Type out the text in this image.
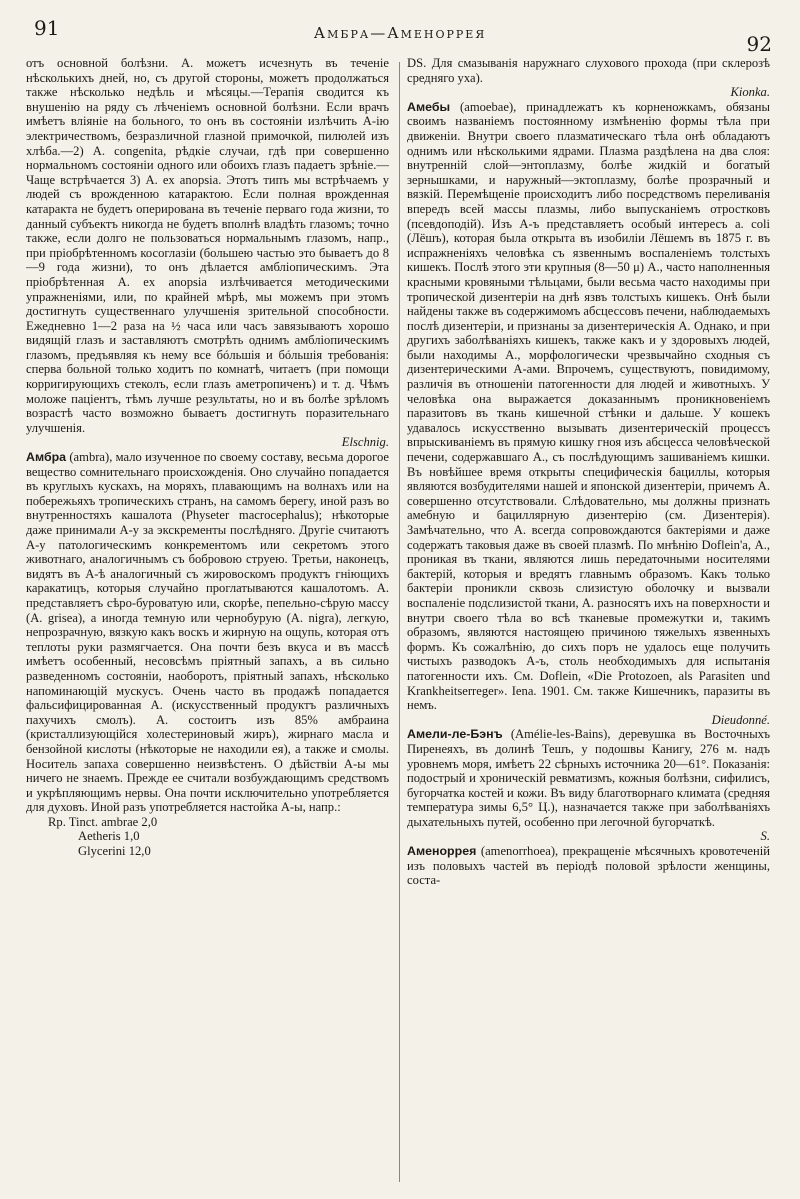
91	Амбра—Аменоррея	92

отъ основной болѣзни. А. можетъ исчезнуть въ теченіе нѣсколькихъ дней, но, съ другой стороны, можетъ продолжаться также нѣсколько недѣль и мѣсяцы.—Терапія сводится къ внушенію на ряду съ лѣченіемъ основной болѣзни. Если врачъ имѣетъ вліяніе на больного, то онъ въ состояніи излѣчить А-ію электричествомъ, безразличной глазной примочкой, пилюлей изъ хлѣба.—2) A. congenita, рѣдкіе случаи, гдѣ при совершенно нормальномъ состояніи одного или обоихъ глазъ падаетъ зрѣніе.—Чаще встрѣчается 3) A. ex anopsia. Этотъ типъ мы встрѣчаемъ у людей съ врожденною катарактою. Если полная врожденная катаракта не будетъ оперирована въ теченіе перваго года жизни, то данный субъектъ никогда не будетъ вполнѣ владѣть глазомъ; точно также, если долго не пользоваться нормальнымъ глазомъ, напр., при пріобрѣтенномъ косоглазіи (большею частью это бываетъ до 8—9 года жизни), то онъ дѣлается амбліопическимъ. Эта пріобрѣтенная А. ex anopsia излѣчивается методическими упражненіями, или, по крайней мѣрѣ, мы можемъ при этомъ достигнуть существеннаго улучшенія зрительной способности. Ежедневно 1—2 раза на ½ часа или часъ завязываютъ хорошо видящій глазъ и заставляютъ смотрѣть однимъ амбліопическимъ глазомъ, предъявляя къ нему все бóльшія и бóльшія требованія: сперва больной только ходитъ по комнатѣ, читаетъ (при помощи корригирующихъ стеколъ, если глазъ аметропиченъ) и т. д. Чѣмъ моложе паціентъ, тѣмъ лучше результаты, но и въ болѣе зрѣломъ возрастѣ часто возможно бываетъ достигнуть поразительнаго улучшенія.

Elschnig.

Амбра (ambra), мало изученное по своему составу, весьма дорогое вещество сомнительнаго происхожденія. Оно случайно попадается въ круглыхъ кускахъ, на моряхъ, плавающимъ на волнахъ или на побережьяхъ тропическихъ странъ, на самомъ берегу, иной разъ во внутренностяхъ кашалота (Physeter macrocephalus); нѣкоторые даже принимали А-у за экскременты послѣдняго. Другіе считаютъ А-у патологическимъ конкрементомъ или секретомъ этого животнаго, аналогичнымъ съ бобровою струею. Третьи, наконецъ, видятъ въ А-ѣ аналогичный съ жировоскомъ продуктъ гніющихъ каракатицъ, которыя случайно проглатываются кашалотомъ. А. представляетъ сѣро-буроватую или, скорѣе, пепельно-сѣрую массу (А. grisea), а иногда темную или чернобурую (А. nigra), легкую, непрозрачную, вязкую какъ воскъ и жирную на ощупь, которая отъ теплоты руки размягчается. Она почти безъ вкуса и въ массѣ имѣетъ особенный, несовсѣмъ пріятный запахъ, а въ сильно разведенномъ состояніи, наоборотъ, пріятный запахъ, нѣсколько напоминающій мускусъ. Очень часто въ продажѣ попадается фальсифицированная А. (искусственный продуктъ различныхъ пахучихъ смолъ). А. состоитъ изъ 85% амбраина (кристаллизующійся холестериновый жиръ), жирнаго масла и бензойной кислоты (нѣкоторые не находили ея), а также и смолы. Носитель запаха совершенно неизвѣстенъ. О дѣйствіи А-ы мы ничего не знаемъ. Прежде ее считали возбуждающимъ средствомъ и укрѣпляющимъ нервы. Она почти исключительно употребляется для духовъ. Иной разъ употребляется настойка А-ы, напр.:

Rp. Tinct. ambrae 2,0
Aetheris 1,0
Glycerini 12,0

DS. Для смазыванія наружнаго слухового прохода (при склерозѣ средняго уха).

Kionka.

Амебы (amoebae), принадлежатъ къ корненожкамъ, обязаны своимъ названіемъ постоянному измѣненію формы тѣла при движеніи. Внутри своего плазматическаго тѣла онѣ обладаютъ однимъ или нѣсколькими ядрами. Плазма раздѣлена на два слоя: внутренній слой—энтоплазму, болѣе жидкій и богатый зернышками, и наружный—эктоплазму, болѣе прозрачный и вязкій. Перемѣщеніе происходитъ либо посредствомъ переливанія впередъ всей массы плазмы, либо выпусканіемъ отростковъ (псевдоподій). Изъ А-ъ представляетъ особый интересъ a. coli (Лёшъ), которая была открыта въ изобиліи Лёшемъ въ 1875 г. въ испражненіяхъ человѣка съ язвеннымъ воспаленіемъ толстыхъ кишекъ. Послѣ этого эти крупныя (8—50 μ) А., часто наполненныя красными кровяными тѣльцами, были весьма часто находимы при тропической дизентеріи на днѣ язвъ толстыхъ кишекъ. Онѣ были найдены также въ содержимомъ абсцессовъ печени, наблюдаемыхъ послѣ дизентеріи, и признаны за дизентерическія А. Однако, и при другихъ заболѣваніяхъ кишекъ, также какъ и у здоровыхъ людей, были находимы А., морфологически чрезвычайно сходныя съ дизентерическими А-ами. Впрочемъ, существуютъ, повидимому, различія въ отношеніи патогенности для людей и животныхъ. У человѣка она выражается доказаннымъ проникновеніемъ паразитовъ въ ткань кишечной стѣнки и дальше. У кошекъ удавалось искусственно вызывать дизентерическій процессъ впрыскиваніемъ въ прямую кишку гноя изъ абсцесса человѣческой печени, содержавшаго А., съ послѣдующимъ зашиваніемъ кишки. Въ новѣйшее время открыты специфическія бациллы, которыя являются возбудителями нашей и японской дизентеріи, причемъ А. совершенно отсутствовали. Слѣдовательно, мы должны признать амебную и бациллярную дизентерію (см. Дизентерія). Замѣчательно, что А. всегда сопровождаются бактеріями и даже содержатъ таковыя даже въ своей плазмѣ. По мнѣнію Doflein'a, А., проникая въ ткани, являются лишь передаточными носителями бактерій, которыя и вредятъ главнымъ образомъ. Какъ только бактеріи проникли сквозь слизистую оболочку и вызвали воспаленіе подслизистой ткани, А. разносятъ ихъ на поверхности и внутри своего тѣла во всѣ тканевые промежутки и, такимъ образомъ, являются настоящею причиною тяжелыхъ язвенныхъ формъ. Къ сожалѣнію, до сихъ поръ не удалось еще получить чистыхъ разводокъ А-ъ, столь необходимыхъ для испытанія патогенности ихъ. См. Doflein, «Die Protozoen, als Parasiten und Krankheitserreger». Iena. 1901. См. также Кишечникъ, паразиты въ немъ.

Dieudonné.

Амели-ле-Бэнъ (Amélie-les-Bains), деревушка въ Восточныхъ Пиренеяхъ, въ долинѣ Тешъ, у подошвы Канигу, 276 м. надъ уровнемъ моря, имѣетъ 22 сѣрныхъ источника 20—61°. Показанія: подострый и хроническій ревматизмъ, кожныя болѣзни, сифилисъ, бугорчатка костей и кожи. Въ виду благотворнаго климата (средняя температура зимы 6,5° Ц.), назначается также при заболѣваніяхъ дыхательныхъ путей, особенно при легочной бугорчаткѣ.

S.

Аменоррея (amenorrhoea), прекращеніе мѣсячныхъ кровотеченій изъ половыхъ частей въ періодѣ половой зрѣлости женщины, соста-
